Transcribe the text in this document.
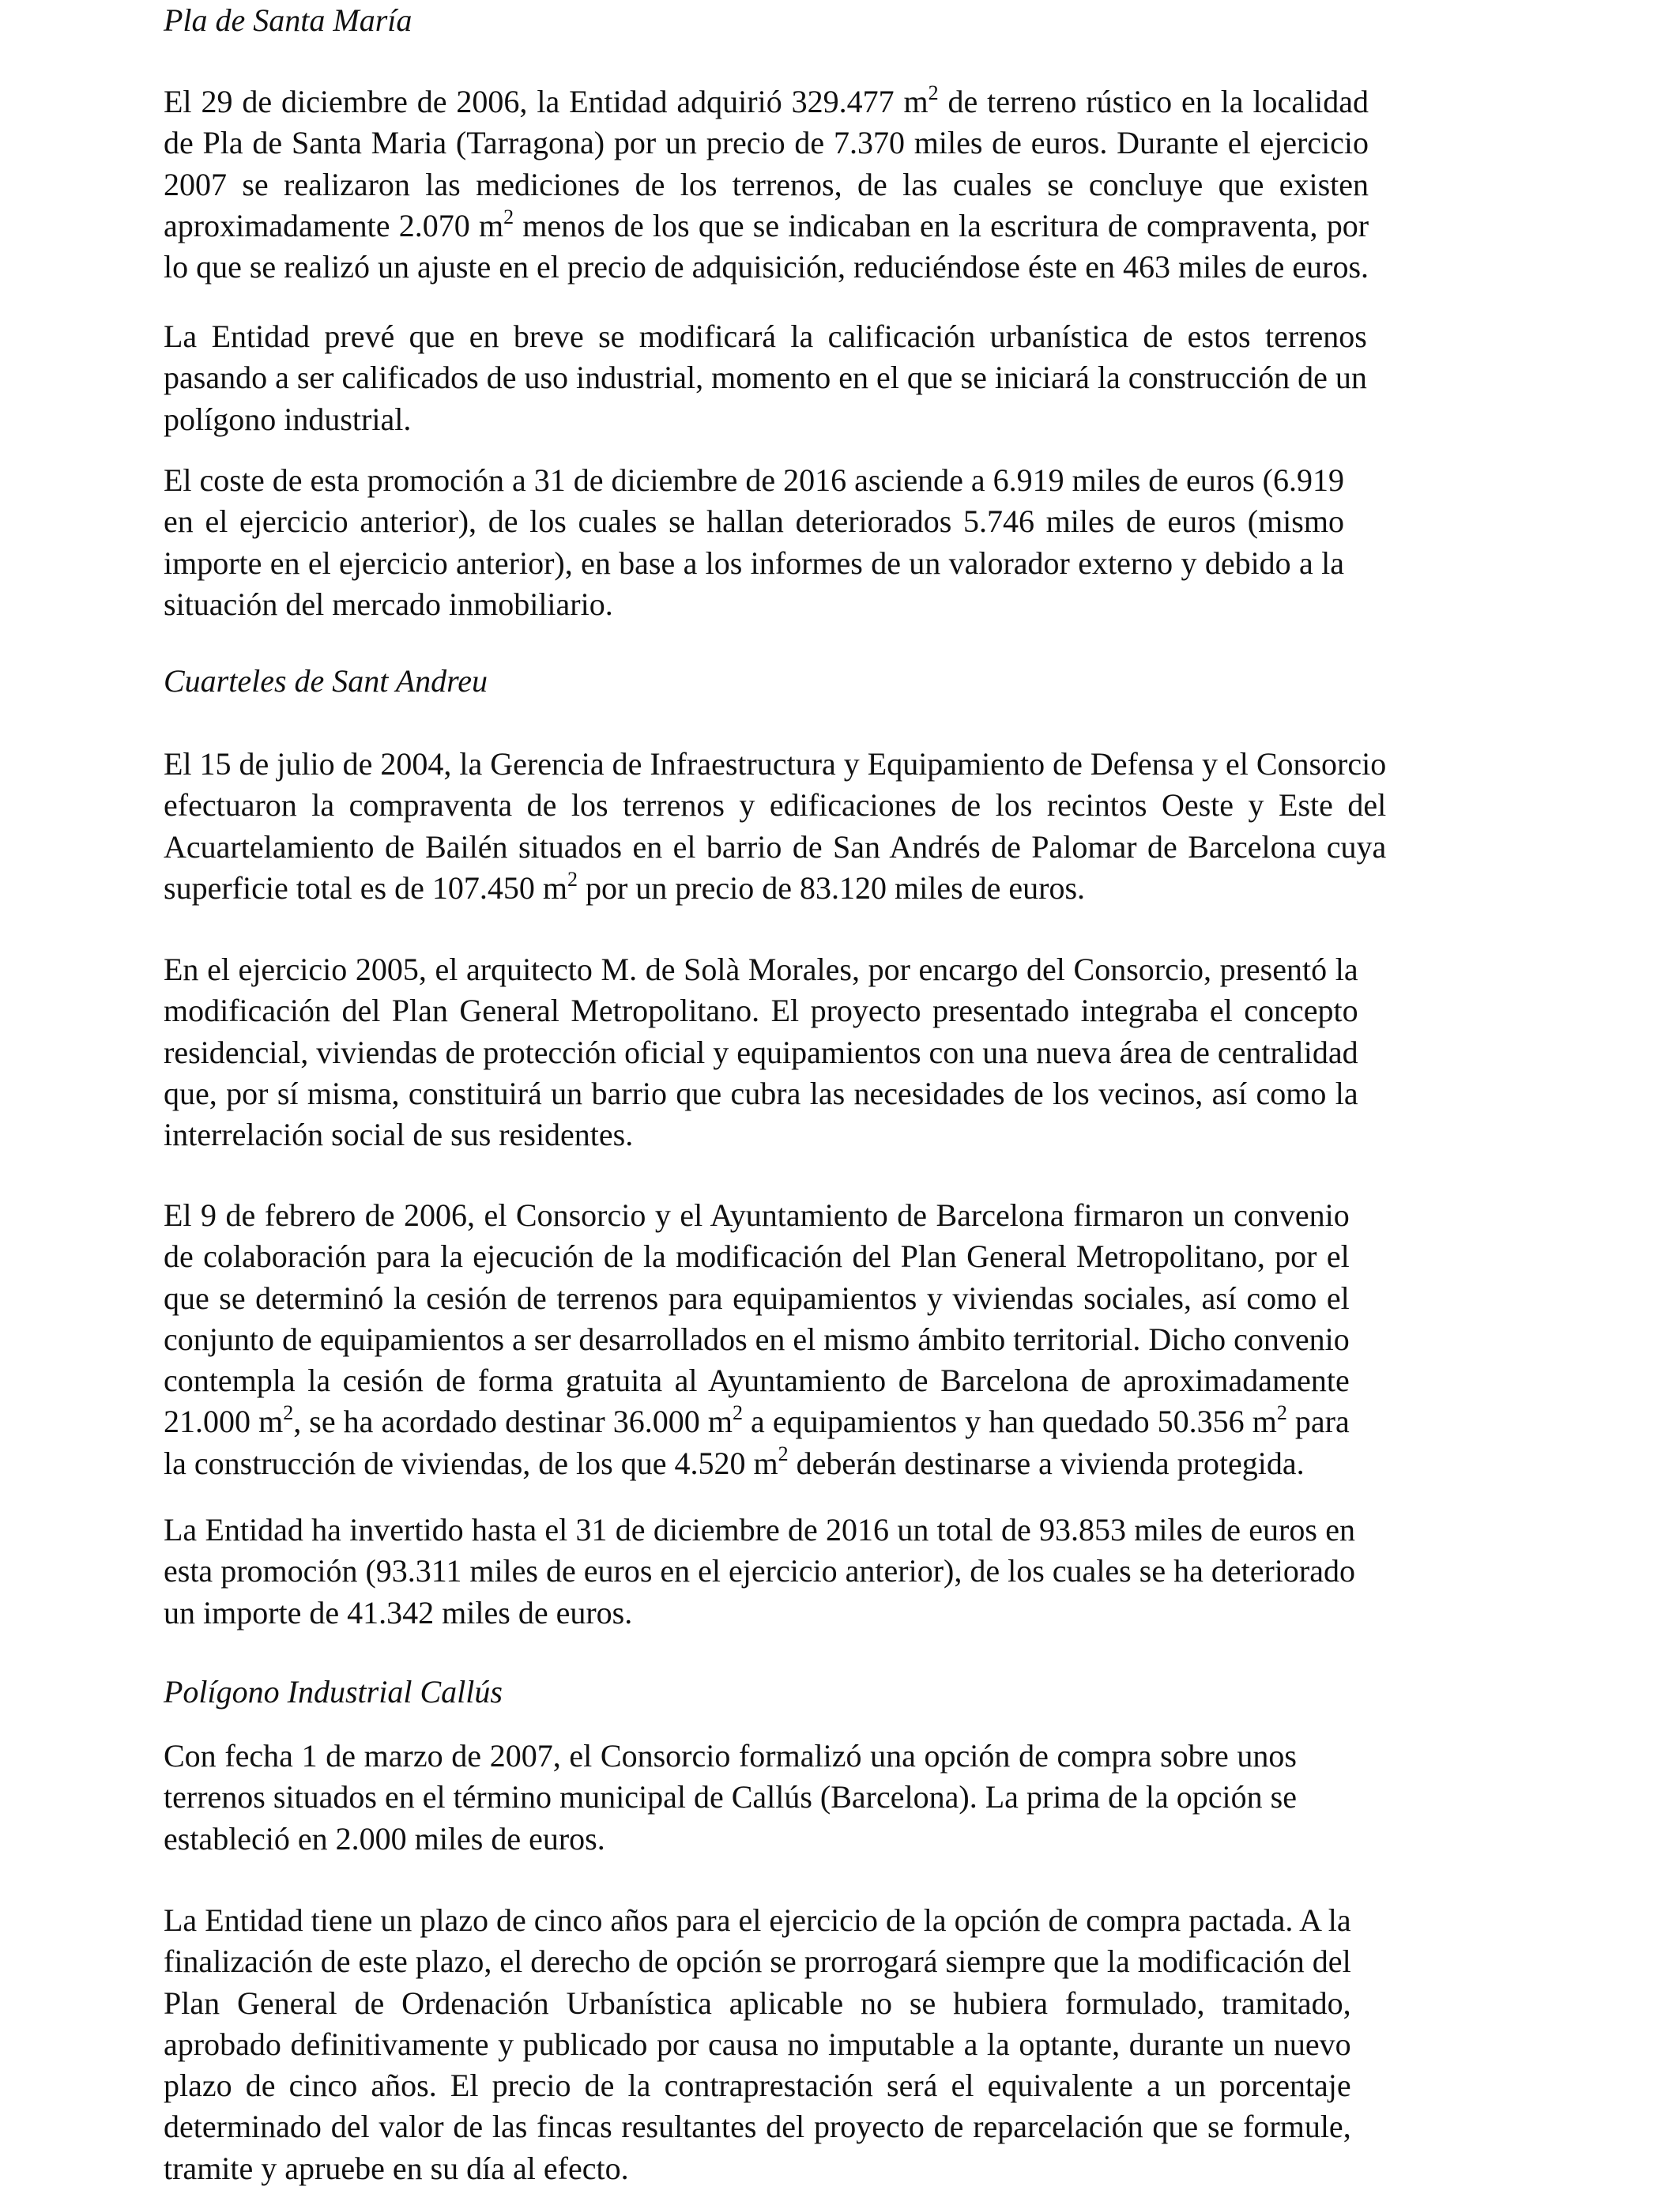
Pla de Santa María
El 29 de diciembre de 2006, la Entidad adquirió 329.477 $m^2$ de terreno rústico en la localidad
de Pla de Santa Maria (Tarragona) por un precio de 7.370 miles de euros. Durante el ejercicio
2007 se realizaron las mediciones de los terrenos, de las cuales se concluye que existen
aproximadamente 2.070 $m^2$ menos de los que se indicaban en la escritura de compraventa, por
lo que se realizó un ajuste en el precio de adquisición, reduciéndose éste en 463 miles de euros.
La Entidad prevé que en breve se modificará la calificación urbanística de estos terrenos
pasando a ser calificados de uso industrial, momento en el que se iniciará la construcción de un
polígono industrial.
El coste de esta promoción a 31 de diciembre de 2016 asciende a 6.919 miles de euros (6.919
en el ejercicio anterior), de los cuales se hallan deteriorados 5.746 miles de euros (mismo
importe en el ejercicio anterior), en base a los informes de un valorador externo y debido a la
situación del mercado inmobiliario.
Cuarteles de Sant Andreu
El 15 de julio de 2004, la Gerencia de Infraestructura y Equipamiento de Defensa y el Consorcio
efectuaron la compraventa de los terrenos y edificaciones de los recintos Oeste y Este del
Acuartelamiento de Bailén situados en el barrio de San Andrés de Palomar de Barcelona cuya
superficie total es de 107.450 $m^2$ por un precio de 83.120 miles de euros.
En el ejercicio 2005, el arquitecto M. de Solà Morales, por encargo del Consorcio, presentó la
modificación del Plan General Metropolitano. El proyecto presentado integraba el concepto
residencial, viviendas de protección oficial y equipamientos con una nueva área de centralidad
que, por sí misma, constituirá un barrio que cubra las necesidades de los vecinos, así como la
interrelación social de sus residentes.
El 9 de febrero de 2006, el Consorcio y el Ayuntamiento de Barcelona firmaron un convenio
de colaboración para la ejecución de la modificación del Plan General Metropolitano, por el
que se determinó la cesión de terrenos para equipamientos y viviendas sociales, así como el
conjunto de equipamientos a ser desarrollados en el mismo ámbito territorial. Dicho convenio
contempla la cesión de forma gratuita al Ayuntamiento de Barcelona de aproximadamente
21.000 $m^2$, se ha acordado destinar 36.000 $m^2$ a equipamientos y han quedado 50.356 $m^2$ para
la construcción de viviendas, de los que 4.520 $m^2$ deberán destinarse a vivienda protegida.
La Entidad ha invertido hasta el 31 de diciembre de 2016 un total de 93.853 miles de euros en
esta promoción (93.311 miles de euros en el ejercicio anterior), de los cuales se ha deteriorado
un importe de 41.342 miles de euros.
Polígono Industrial Callús
Con fecha 1 de marzo de 2007, el Consorcio formalizó una opción de compra sobre unos
terrenos situados en el término municipal de Callús (Barcelona). La prima de la opción se
estableció en 2.000 miles de euros.
La Entidad tiene un plazo de cinco años para el ejercicio de la opción de compra pactada. A la
finalización de este plazo, el derecho de opción se prorrogará siempre que la modificación del
Plan General de Ordenación Urbanística aplicable no se hubiera formulado, tramitado,
aprobado definitivamente y publicado por causa no imputable a la optante, durante un nuevo
plazo de cinco años. El precio de la contraprestación será el equivalente a un porcentaje
determinado del valor de las fincas resultantes del proyecto de reparcelación que se formule,
tramite y apruebe en su día al efecto.
